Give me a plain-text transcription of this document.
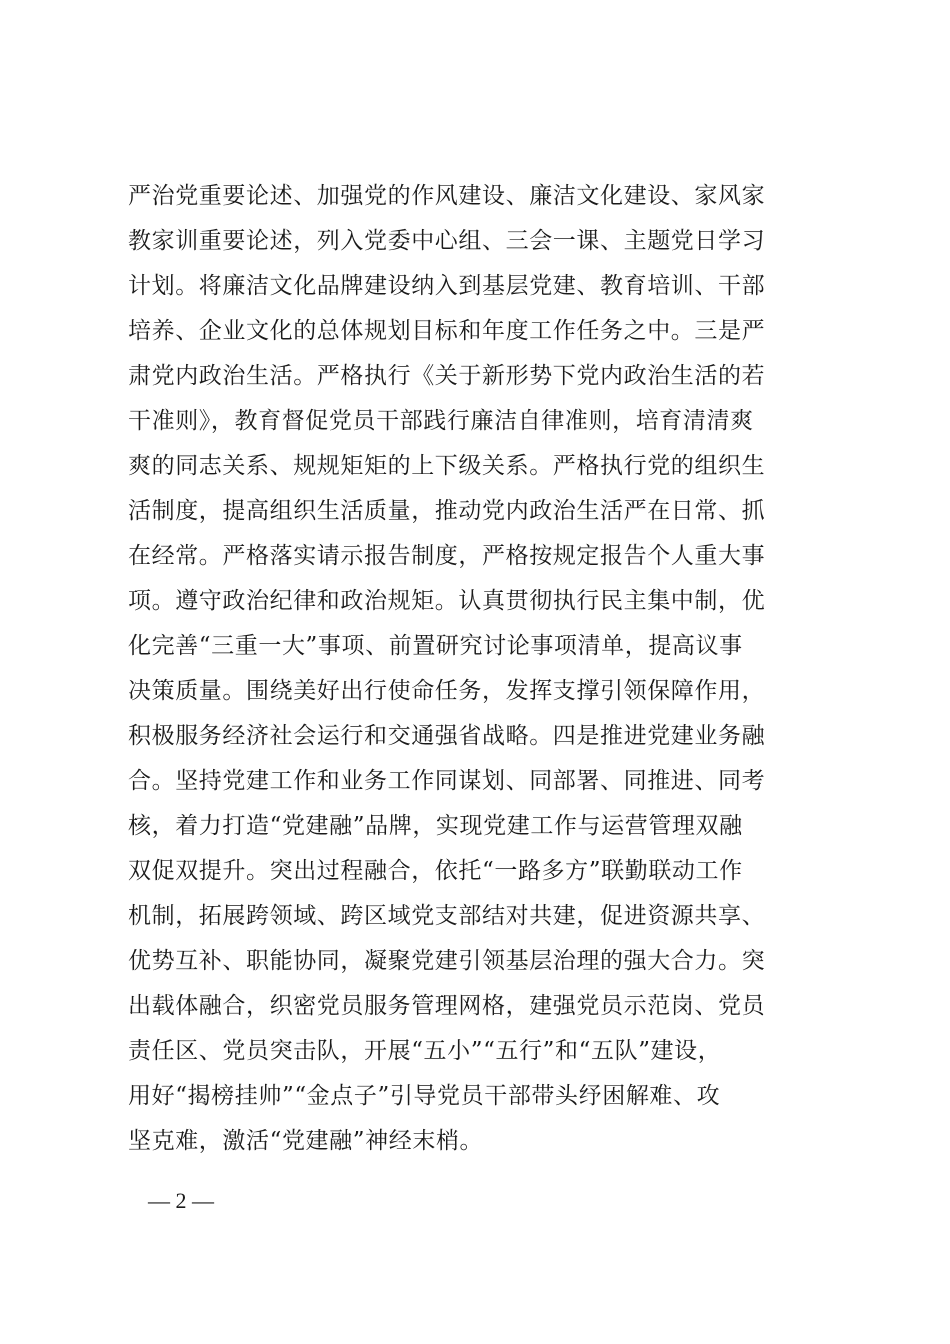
严治党重要论述、加强党的作风建设、廉洁文化建设、家风家
教家训重要论述，列入党委中心组、三会一课、主题党日学习
计划。将廉洁文化品牌建设纳入到基层党建、教育培训、干部
培养、企业文化的总体规划目标和年度工作任务之中。三是严
肃党内政治生活。严格执行《关于新形势下党内政治生活的若
干准则》，教育督促党员干部践行廉洁自律准则，培育清清爽
爽的同志关系、规规矩矩的上下级关系。严格执行党的组织生
活制度，提高组织生活质量，推动党内政治生活严在日常、抓
在经常。严格落实请示报告制度，严格按规定报告个人重大事
项。遵守政治纪律和政治规矩。认真贯彻执行民主集中制，优
化完善“三重一大”事项、前置研究讨论事项清单，提高议事
决策质量。围绕美好出行使命任务，发挥支撑引领保障作用，
积极服务经济社会运行和交通强省战略。四是推进党建业务融
合。坚持党建工作和业务工作同谋划、同部署、同推进、同考
核，着力打造“党建融”品牌，实现党建工作与运营管理双融
双促双提升。突出过程融合，依托“一路多方”联勤联动工作
机制，拓展跨领域、跨区域党支部结对共建，促进资源共享、
优势互补、职能协同，凝聚党建引领基层治理的强大合力。突
出载体融合，织密党员服务管理网格，建强党员示范岗、党员
责任区、党员突击队，开展“五小”“五行”和“五队”建设，
用好“揭榜挂帅”“金点子”引导党员干部带头纾困解难、攻
坚克难，激活“党建融”神经末梢。
— 2 —
